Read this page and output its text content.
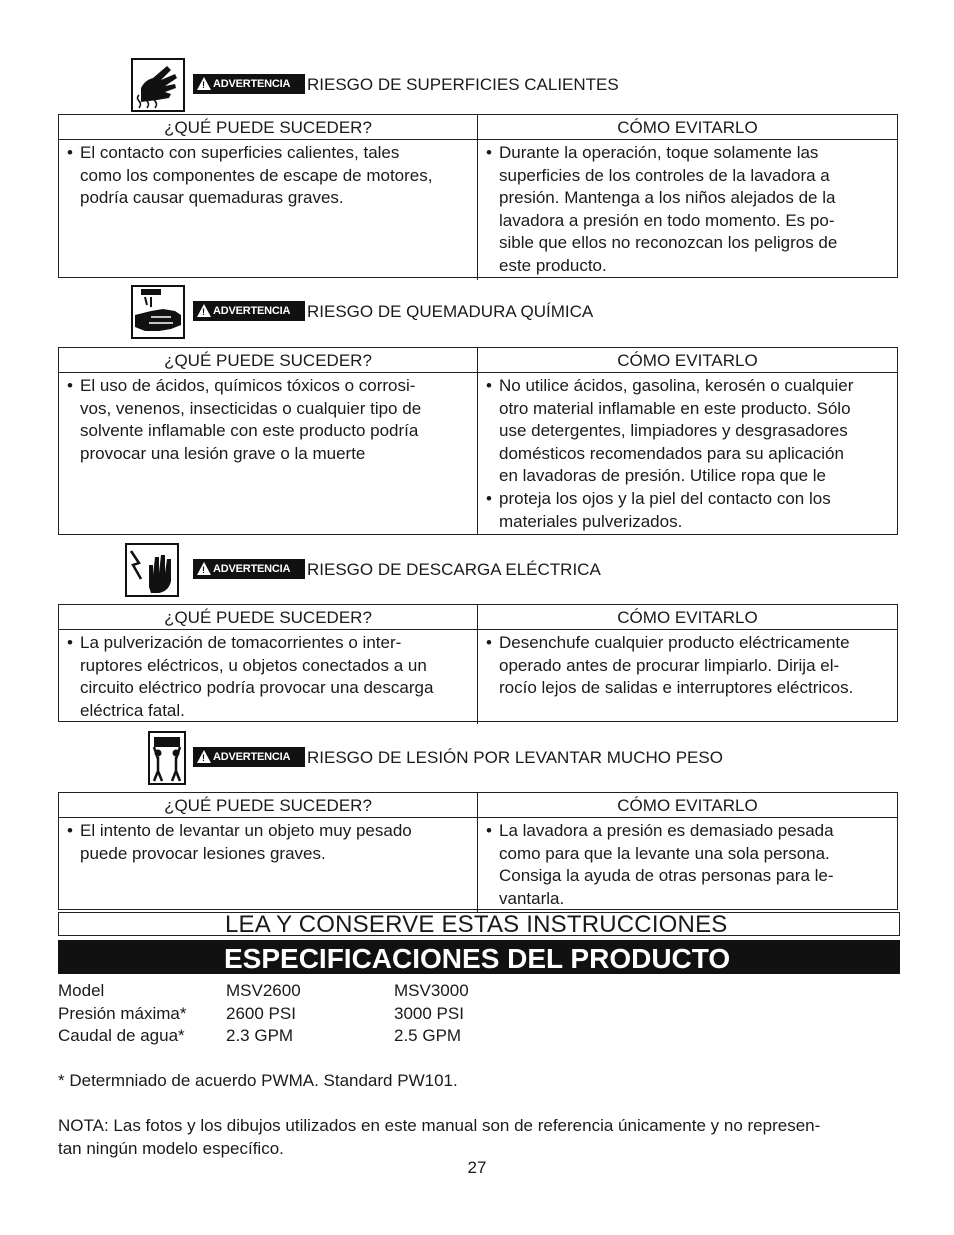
! ADVERTENCIA RIESGO DE SUPERFICIES CALIENTES
¿QUÉ PUEDE SUCEDER?	CÓMO EVITARLO
• El contacto con superficies calientes, tales
como los componentes de escape de motores,
podría causar quemaduras graves.
• Durante la operación, toque solamente las
superficies de los controles de la lavadora a
presión. Mantenga a los niños alejados de la
lavadora a presión en todo momento. Es po-
sible que ellos no reconozcan los peligros de
este producto.
! ADVERTENCIA RIESGO DE QUEMADURA QUÍMICA
¿QUÉ PUEDE SUCEDER?	CÓMO EVITARLO
• El uso de ácidos, químicos tóxicos o corrosi-
vos, venenos, insecticidas o cualquier tipo de
solvente inflamable con este producto podría
provocar una lesión grave o la muerte
• No utilice ácidos, gasolina, kerosén o cualquier
otro material inflamable en este producto. Sólo
use detergentes, limpiadores y desgrasadores
domésticos recomendados para su aplicación
en lavadoras de presión. Utilice ropa que le
• proteja los ojos y la piel del contacto con los
materiales pulverizados.
! ADVERTENCIA RIESGO DE DESCARGA ELÉCTRICA
¿QUÉ PUEDE SUCEDER?	CÓMO EVITARLO
• La pulverización de tomacorrientes o inter-
ruptores eléctricos, u objetos conectados a un
circuito eléctrico podría provocar una descarga
eléctrica fatal.
• Desenchufe cualquier producto eléctricamente
operado antes de procurar limpiarlo. Dirija el-
rocío lejos de salidas e interruptores eléctricos.
! ADVERTENCIA RIESGO DE LESIÓN POR LEVANTAR MUCHO PESO
¿QUÉ PUEDE SUCEDER?	CÓMO EVITARLO
• El intento de levantar un objeto muy pesado
puede provocar lesiones graves.
• La lavadora a presión es demasiado pesada
como para que la levante una sola persona.
Consiga la ayuda de otras personas para le-
vantarla.
LEA Y CONSERVE ESTAS INSTRUCCIONES
ESPECIFICACIONES DEL PRODUCTO
Model	MSV2600	MSV3000
Presión máxima*	2600 PSI	3000 PSI
Caudal de agua*	2.3 GPM	2.5 GPM
* Determniado de acuerdo PWMA. Standard PW101.
NOTA: Las fotos y los dibujos utilizados en este manual son de referencia únicamente y no represen-
tan ningún modelo específico.
27
